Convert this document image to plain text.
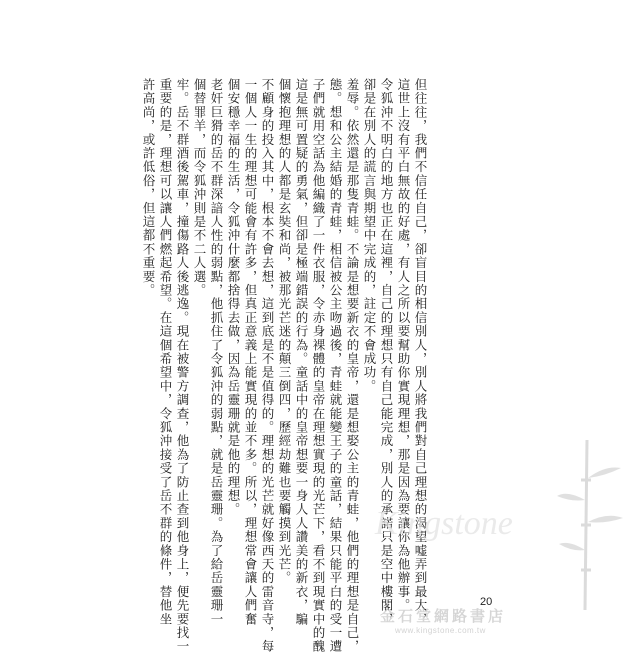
許高尚，或許低俗，但這都不重要。 重要的是，理想可以讓人們燃起希望。在這個希望中，令狐沖接受了岳不群的條件，替他坐 牢。岳不群酒後駕車，撞傷路人後逃逸。現在被警方調查，他為了防止查到他身上，便先要找一 個替罪羊，而令狐沖則是不二人選。 老奸巨猾的岳不群深諳人性的弱點，他抓住了令狐沖的弱點，就是岳靈珊。為了給岳靈珊一 個安穩幸福的生活，令狐沖什麼都捨得去做，因為岳靈珊就是他的理想。 一個人一生的理想可能會有許多，但真正意義上能實現的並不多。所以，理想常會讓人們奮 不顧身的投入其中，根本不會去想，這到底是不是值得的。理想的光芒就好像西天的雷音寺，每 個懷抱理想的人都是玄奘和尚，被那光芒迷的顛三倒四，歷經劫難也要觸摸到光芒。 這是無可置疑的勇氣，但卻是極端錯誤的行為。童話中的皇帝想要一身人人讚美的新衣，騙 子們就用空話為他編織了一件衣服，令赤身裸體的皇帝在理想實現的光芒下，看不到現實中的醜 態。想和公主結婚的青蛙，相信被公主吻過後，青蛙就能變王子的童話，結果只能平白的受一遭 羞辱。依然還是那隻青蛙。不論是想要新衣的皇帝，還是想娶公主的青蛙，他們的理想是自己， 卻是在別人的謊言與期望中完成的，註定不會成功。 令狐沖不明白的地方也正在這裡，自己的理想只有自己能完成，別人的承諾只是空中樓閣， 這世上沒有平白無故的好處，有人之所以要幫助你實現理想，那是因為要讓你為他辦事。 但往往，我們不信任自己，卻盲目的相信別人，別人將我們對自己理想的渴望嘘弄到最大，
Kingstone
20
金石堂網路書店
www.kingstone.com.tw
